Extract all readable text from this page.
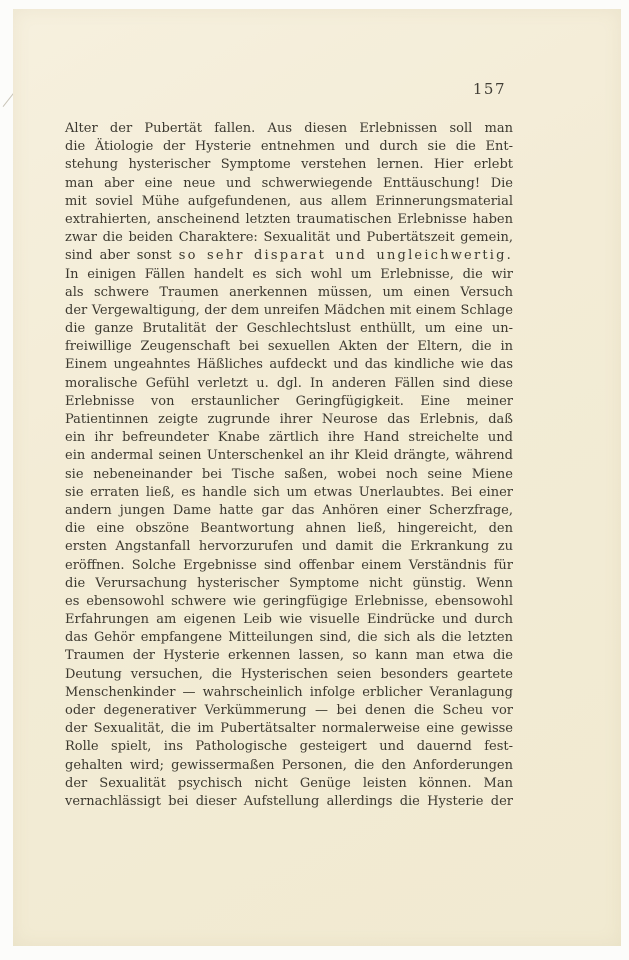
157
Alter der Pubertät fallen. Aus diesen Erlebnissen soll man
die Ätiologie der Hysterie entnehmen und durch sie die Ent-
stehung hysterischer Symptome verstehen lernen. Hier erlebt
man aber eine neue und schwerwiegende Enttäuschung! Die
mit soviel Mühe aufgefundenen, aus allem Erinnerungsmaterial
extrahierten, anscheinend letzten traumatischen Erlebnisse haben
zwar die beiden Charaktere: Sexualität und Pubertätszeit gemein,
sind aber sonst so sehr disparat und ungleichwertig.
In einigen Fällen handelt es sich wohl um Erlebnisse, die wir
als schwere Traumen anerkennen müssen, um einen Versuch
der Vergewaltigung, der dem unreifen Mädchen mit einem Schlage
die ganze Brutalität der Geschlechtslust enthüllt, um eine un-
freiwillige Zeugenschaft bei sexuellen Akten der Eltern, die in
Einem ungeahntes Häßliches aufdeckt und das kindliche wie das
moralische Gefühl verletzt u. dgl. In anderen Fällen sind diese
Erlebnisse von erstaunlicher Geringfügigkeit. Eine meiner
Patientinnen zeigte zugrunde ihrer Neurose das Erlebnis, daß
ein ihr befreundeter Knabe zärtlich ihre Hand streichelte und
ein andermal seinen Unterschenkel an ihr Kleid drängte, während
sie nebeneinander bei Tische saßen, wobei noch seine Miene
sie erraten ließ, es handle sich um etwas Unerlaubtes. Bei einer
andern jungen Dame hatte gar das Anhören einer Scherzfrage,
die eine obszöne Beantwortung ahnen ließ, hingereicht, den
ersten Angstanfall hervorzurufen und damit die Erkrankung zu
eröffnen. Solche Ergebnisse sind offenbar einem Verständnis für
die Verursachung hysterischer Symptome nicht günstig. Wenn
es ebensowohl schwere wie geringfügige Erlebnisse, ebensowohl
Erfahrungen am eigenen Leib wie visuelle Eindrücke und durch
das Gehör empfangene Mitteilungen sind, die sich als die letzten
Traumen der Hysterie erkennen lassen, so kann man etwa die
Deutung versuchen, die Hysterischen seien besonders geartete
Menschenkinder — wahrscheinlich infolge erblicher Veranlagung
oder degenerativer Verkümmerung — bei denen die Scheu vor
der Sexualität, die im Pubertätsalter normalerweise eine gewisse
Rolle spielt, ins Pathologische gesteigert und dauernd fest-
gehalten wird; gewissermaßen Personen, die den Anforderungen
der Sexualität psychisch nicht Genüge leisten können. Man
vernachlässigt bei dieser Aufstellung allerdings die Hysterie der
